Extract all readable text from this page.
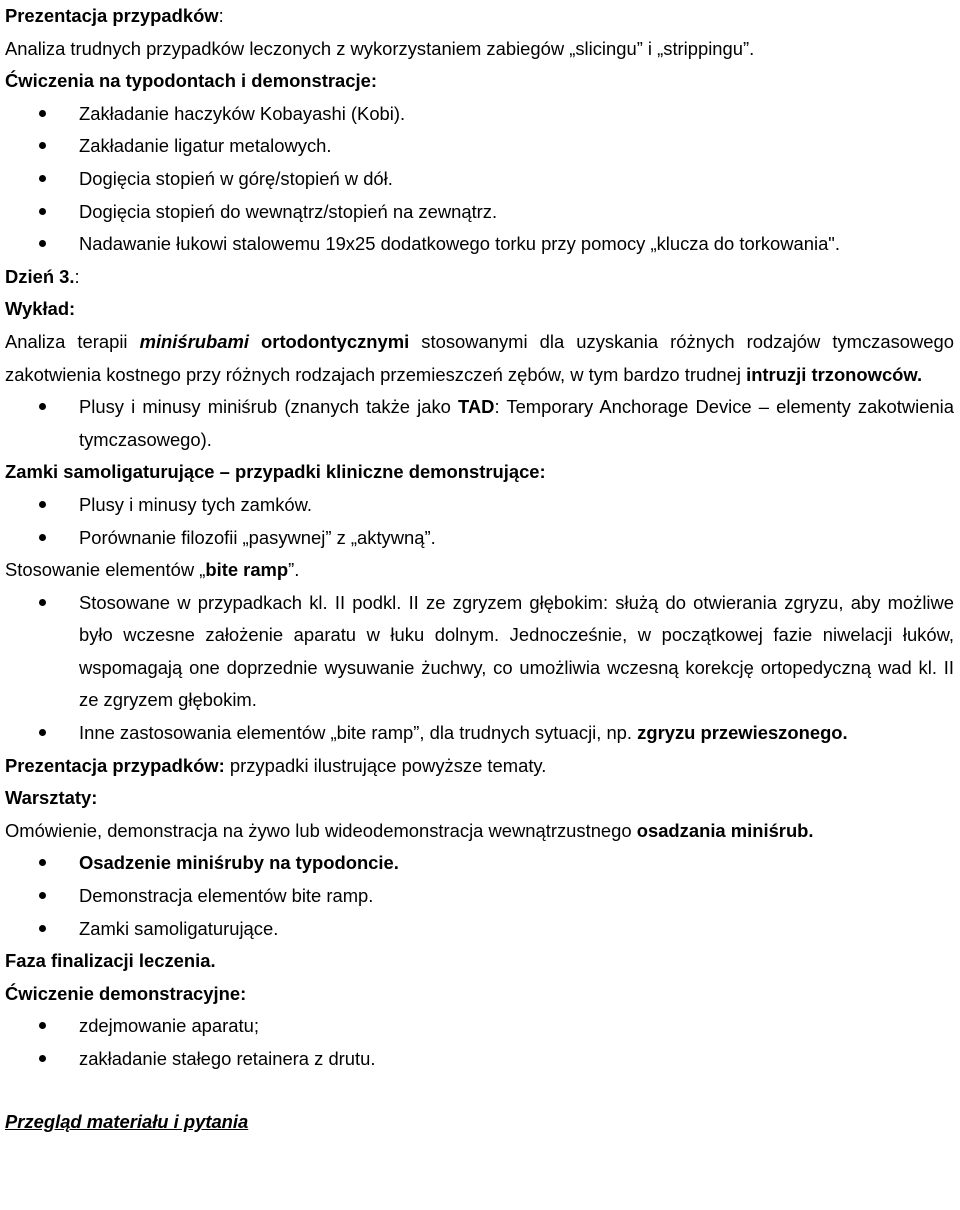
Prezentacja przypadków:

Analiza trudnych przypadków leczonych z wykorzystaniem zabiegów „slicingu” i „strippingu”.

Ćwiczenia na typodontach i demonstracje:

Zakładanie haczyków Kobayashi (Kobi).
Zakładanie ligatur metalowych.
Dogięcia stopień w górę/stopień w dół.
Dogięcia stopień do wewnątrz/stopień na zewnątrz.
Nadawanie łukowi stalowemu 19x25 dodatkowego torku przy pomocy „klucza do torkowania".

Dzień 3.:

Wykład:

Analiza terapii miniśrubami ortodontycznymi stosowanymi dla uzyskania różnych rodzajów tymczasowego zakotwienia kostnego przy różnych rodzajach przemieszczeń zębów, w tym bardzo trudnej intruzji trzonowców.

Plusy i minusy miniśrub (znanych także jako TAD: Temporary Anchorage Device – elementy zakotwienia tymczasowego).

Zamki samoligaturujące – przypadki kliniczne demonstrujące:

Plusy i minusy tych zamków.
Porównanie filozofii „pasywnej” z „aktywną”.

Stosowanie elementów „bite ramp”.

Stosowane w przypadkach kl. II podkl. II ze zgryzem głębokim: służą do otwierania zgryzu, aby możliwe było wczesne założenie aparatu w łuku dolnym. Jednocześnie, w początkowej fazie niwelacji łuków, wspomagają one doprzednie wysuwanie żuchwy, co umożliwia wczesną korekcję ortopedyczną wad kl. II ze zgryzem głębokim.
Inne zastosowania elementów „bite ramp”, dla trudnych sytuacji, np. zgryzu przewieszonego.

Prezentacja przypadków: przypadki ilustrujące powyższe tematy.

Warsztaty:

Omówienie, demonstracja na żywo lub wideodemonstracja wewnątrzustnego osadzania miniśrub.

Osadzenie miniśruby na typodoncie.
Demonstracja elementów bite ramp.
Zamki samoligaturujące.

Faza finalizacji leczenia.

Ćwiczenie demonstracyjne:

zdejmowanie aparatu;
zakładanie stałego retainera z drutu.

Przegląd materiału i pytania
